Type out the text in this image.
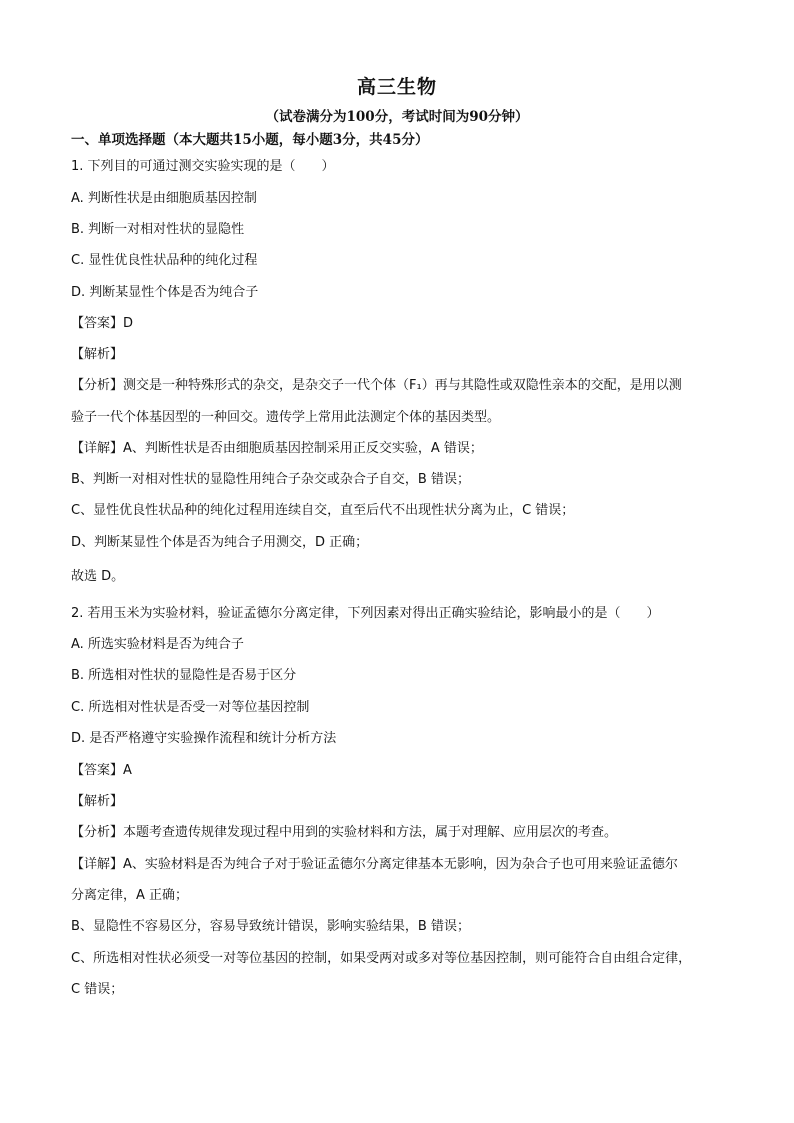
高三生物
（试卷满分为100分，考试时间为90分钟）
一、单项选择题（本大题共15小题，每小题3分，共45分）
1. 下列目的可通过测交实验实现的是（　　）
A. 判断性状是由细胞质基因控制
B. 判断一对相对性状的显隐性
C. 显性优良性状品种的纯化过程
D. 判断某显性个体是否为纯合子
【答案】D
【解析】
【分析】测交是一种特殊形式的杂交，是杂交子一代个体（F₁）再与其隐性或双隐性亲本的交配，是用以测
验子一代个体基因型的一种回交。遗传学上常用此法测定个体的基因类型。
【详解】A、判断性状是否由细胞质基因控制采用正反交实验，A 错误；
B、判断一对相对性状的显隐性用纯合子杂交或杂合子自交，B 错误；
C、显性优良性状品种的纯化过程用连续自交，直至后代不出现性状分离为止，C 错误；
D、判断某显性个体是否为纯合子用测交，D 正确；
故选 D。
2. 若用玉米为实验材料，验证孟德尔分离定律，下列因素对得出正确实验结论，影响最小的是（　　）
A. 所选实验材料是否为纯合子
B. 所选相对性状的显隐性是否易于区分
C. 所选相对性状是否受一对等位基因控制
D. 是否严格遵守实验操作流程和统计分析方法
【答案】A
【解析】
【分析】本题考查遗传规律发现过程中用到的实验材料和方法，属于对理解、应用层次的考查。
【详解】A、实验材料是否为纯合子对于验证孟德尔分离定律基本无影响，因为杂合子也可用来验证孟德尔
分离定律，A 正确；
B、显隐性不容易区分，容易导致统计错误，影响实验结果，B 错误；
C、所选相对性状必须受一对等位基因的控制，如果受两对或多对等位基因控制，则可能符合自由组合定律，
C 错误；
